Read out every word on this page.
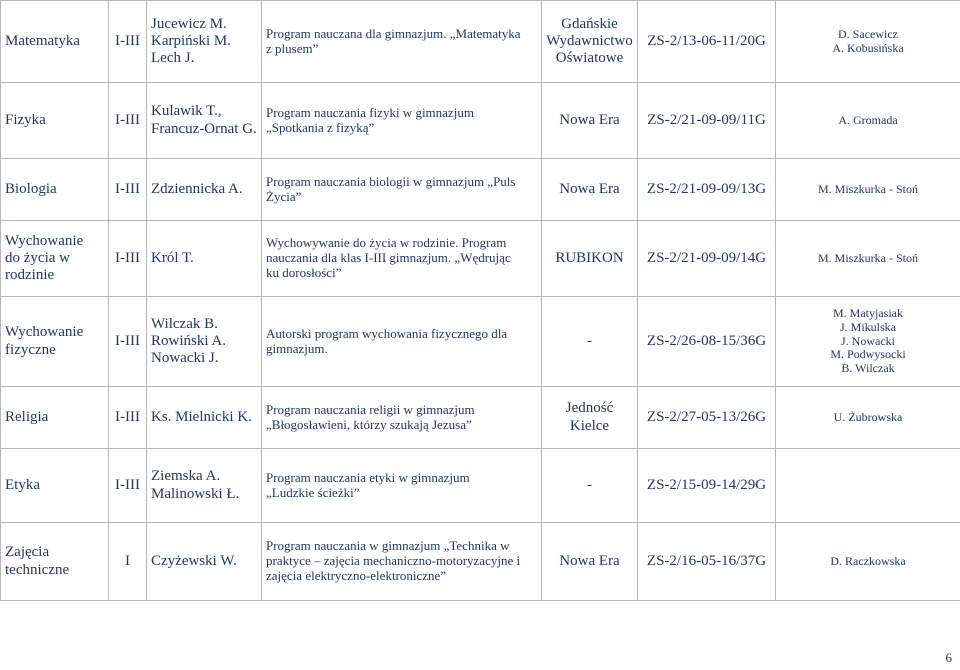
Matematyka	I-III	Jucewicz M.
Karpiński M.
Lech J.	Program nauczana dla gimnazjum. „Matematyka
z plusem”	Gdańskie
Wydawnictwo
Oświatowe	ZS-2/13-06-11/20G	D. Sacewicz
A. Kobusińska

Fizyka	I-III	Kulawik T.,
Francuz-Ornat G.	Program nauczania fizyki w gimnazjum
„Spotkania z fizyką”	Nowa Era	ZS-2/21-09-09/11G	A. Gromada

Biologia	I-III	Zdziennicka A.	Program nauczania biologii w gimnazjum „Puls
Życia”	Nowa Era	ZS-2/21-09-09/13G	M. Miszkurka - Stoń

Wychowanie
do życia w
rodzinie	I-III	Król T.	Wychowywanie do życia w rodzinie. Program
nauczania dla klas I-III gimnazjum. „Wędrując
ku dorosłości”	RUBIKON	ZS-2/21-09-09/14G	M. Miszkurka - Stoń

Wychowanie
fizyczne	I-III	Wilczak B.
Rowiński A.
Nowacki J.	Autorski program wychowania fizycznego dla
gimnazjum.	-	ZS-2/26-08-15/36G	M. Matyjasiak
J. Mikulska
J. Nowacki
M. Podwysocki
B. Wilczak

Religia	I-III	Ks. Mielnicki K.	Program nauczania religii w gimnazjum
„Błogosławieni, którzy szukają Jezusa”	Jedność
Kielce	ZS-2/27-05-13/26G	U. Żubrowska

Etyka	I-III	Ziemska A.
Malinowski Ł.	Program nauczania etyki w gimnazjum
„Ludzkie ścieżki”	-	ZS-2/15-09-14/29G	

Zajęcia
techniczne	I	Czyżewski W.	Program nauczania w gimnazjum „Technika w
praktyce – zajęcia mechaniczno-motoryzacyjne i
zajęcia elektryczno-elektroniczne”	Nowa Era	ZS-2/16-05-16/37G	D. Raczkowska
6
